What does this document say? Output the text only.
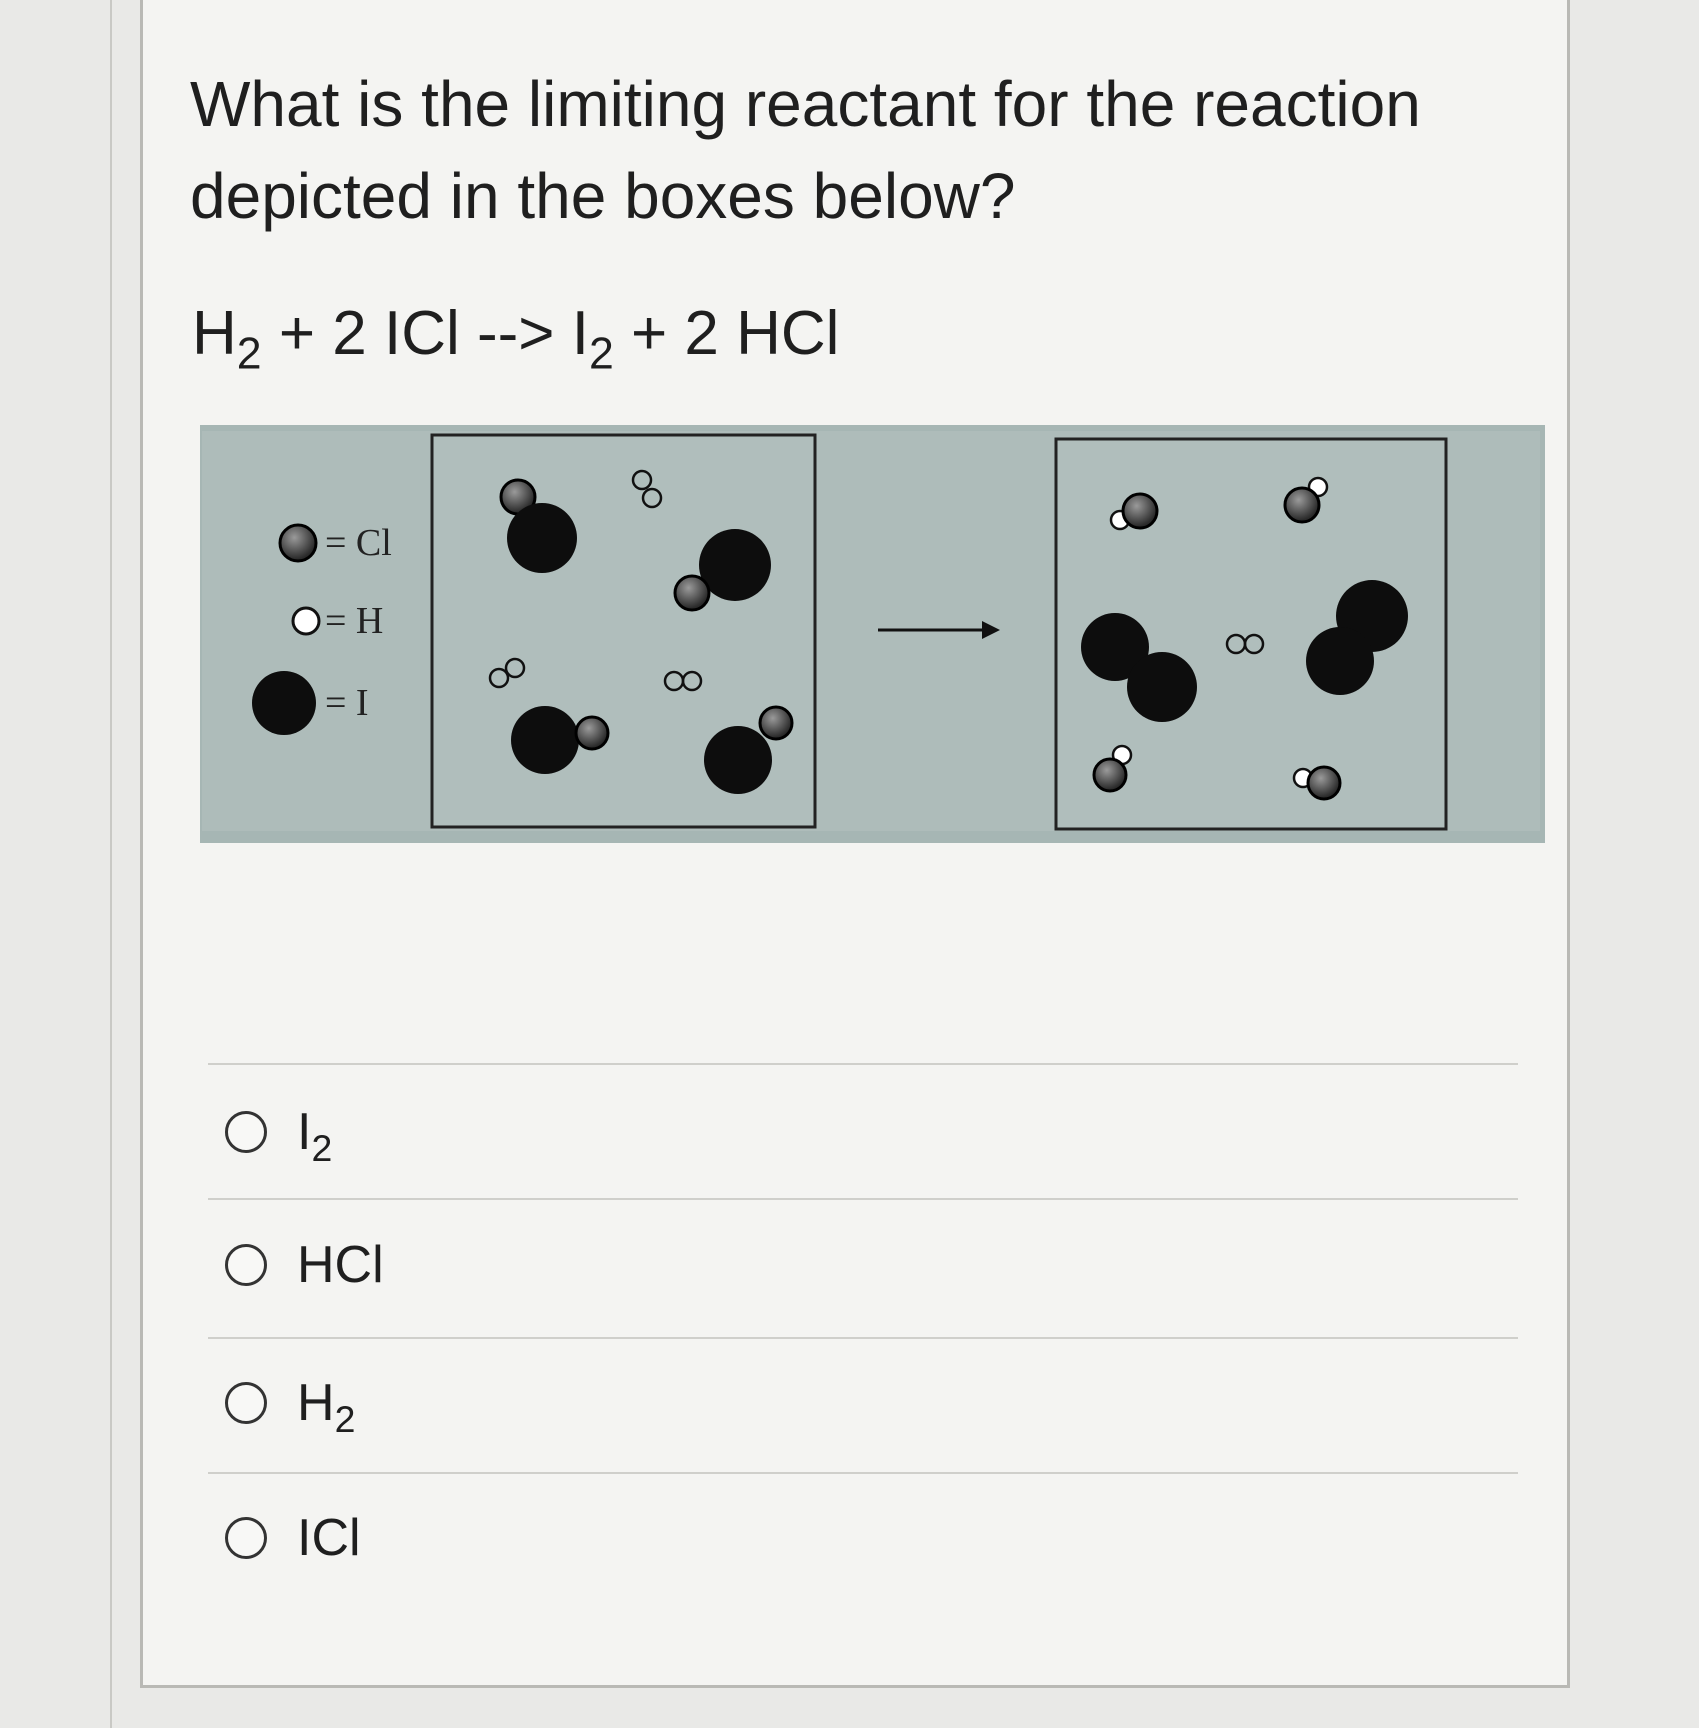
What is the limiting reactant for the reaction depicted in the boxes below?
$H_2 + 2$ ICl --> $I_2 + 2$ HCl
= Cl
= H
= I
$I_2$
HCl
$H_2$
ICl
